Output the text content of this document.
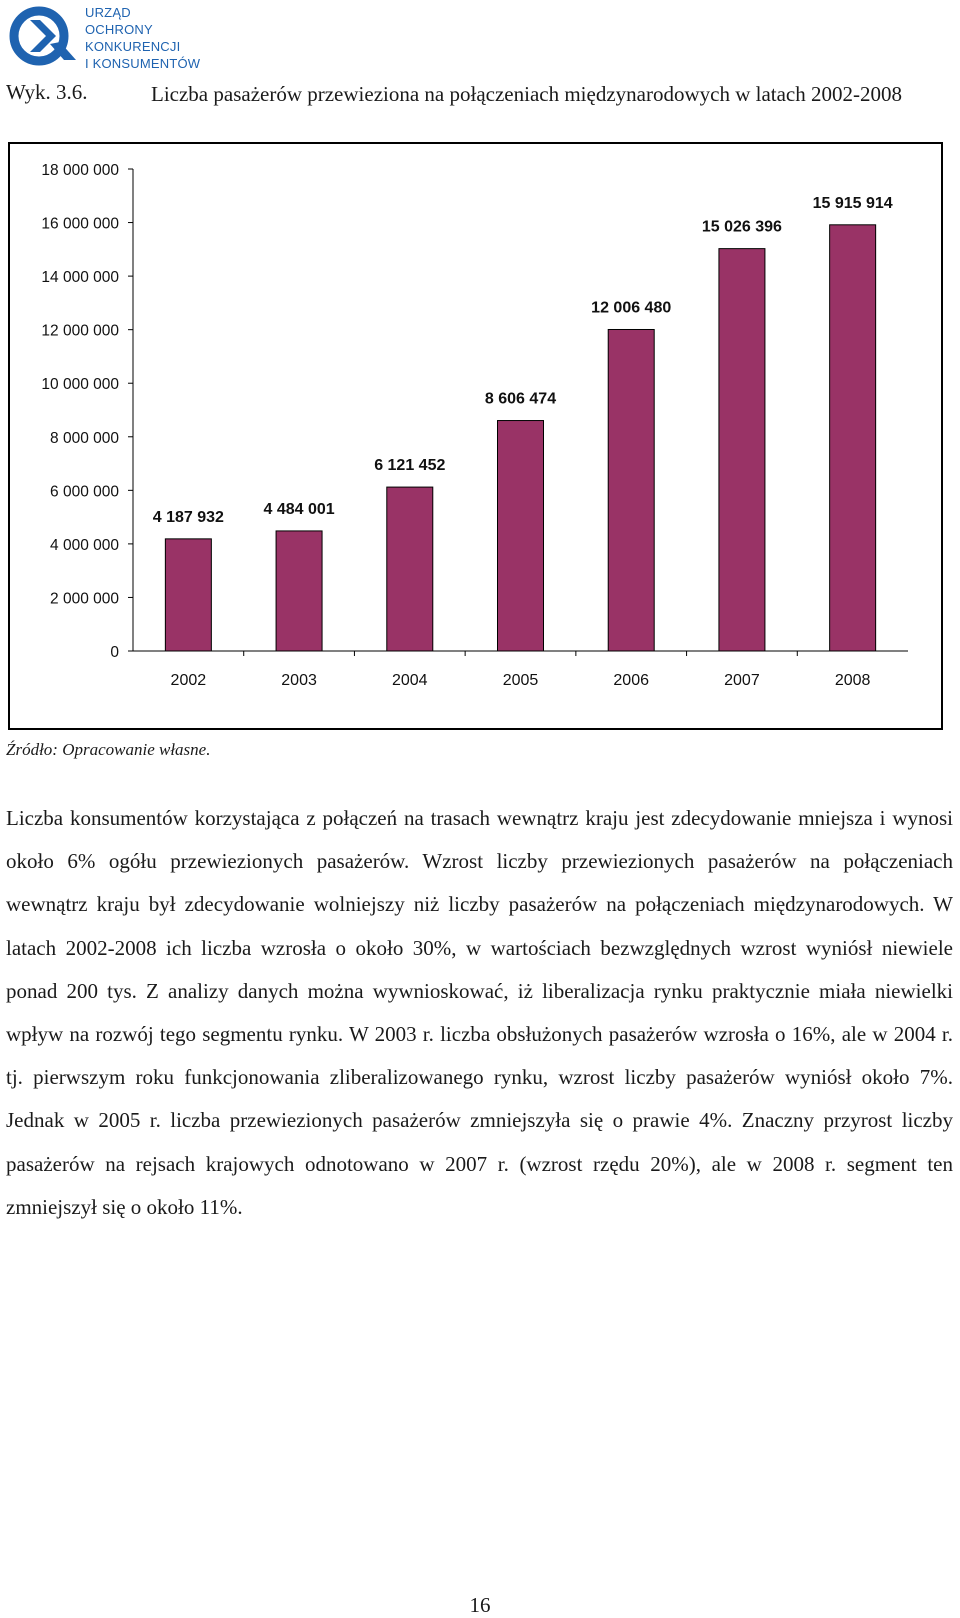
URZĄD
OCHRONY
KONKURENCJI
I KONSUMENTÓW
Wyk. 3.6.	Liczba pasażerów przewieziona na połączeniach międzynarodowych w latach 2002-2008
0
2 000 000
4 000 000
6 000 000
8 000 000
10 000 000
12 000 000
14 000 000
16 000 000
18 000 000
4 187 932
2002
4 484 001
2003
6 121 452
2004
8 606 474
2005
12 006 480
2006
15 026 396
2007
15 915 914
2008
Źródło: Opracowanie własne.

Liczba konsumentów korzystająca z połączeń na trasach wewnątrz kraju jest zdecydowanie mniejsza i wynosi około 6% ogółu przewiezionych pasażerów. Wzrost liczby przewiezionych pasażerów na połączeniach wewnątrz kraju był zdecydowanie wolniejszy niż liczby pasażerów na połączeniach międzynarodowych. W latach 2002-2008 ich liczba wzrosła o około 30%, w wartościach bezwzględnych wzrost wyniósł niewiele ponad 200 tys. Z analizy danych można wywnioskować, iż liberalizacja rynku praktycznie miała niewielki wpływ na rozwój tego segmentu rynku. W 2003 r. liczba obsłużonych pasażerów wzrosła o 16%, ale w 2004 r. tj. pierwszym roku funkcjonowania zliberalizowanego rynku, wzrost liczby pasażerów wyniósł około 7%. Jednak w 2005 r. liczba przewiezionych pasażerów zmniejszyła się o prawie 4%. Znaczny przyrost liczby pasażerów na rejsach krajowych odnotowano w 2007 r. (wzrost rzędu 20%), ale w 2008 r. segment ten zmniejszył się o około 11%.

16
